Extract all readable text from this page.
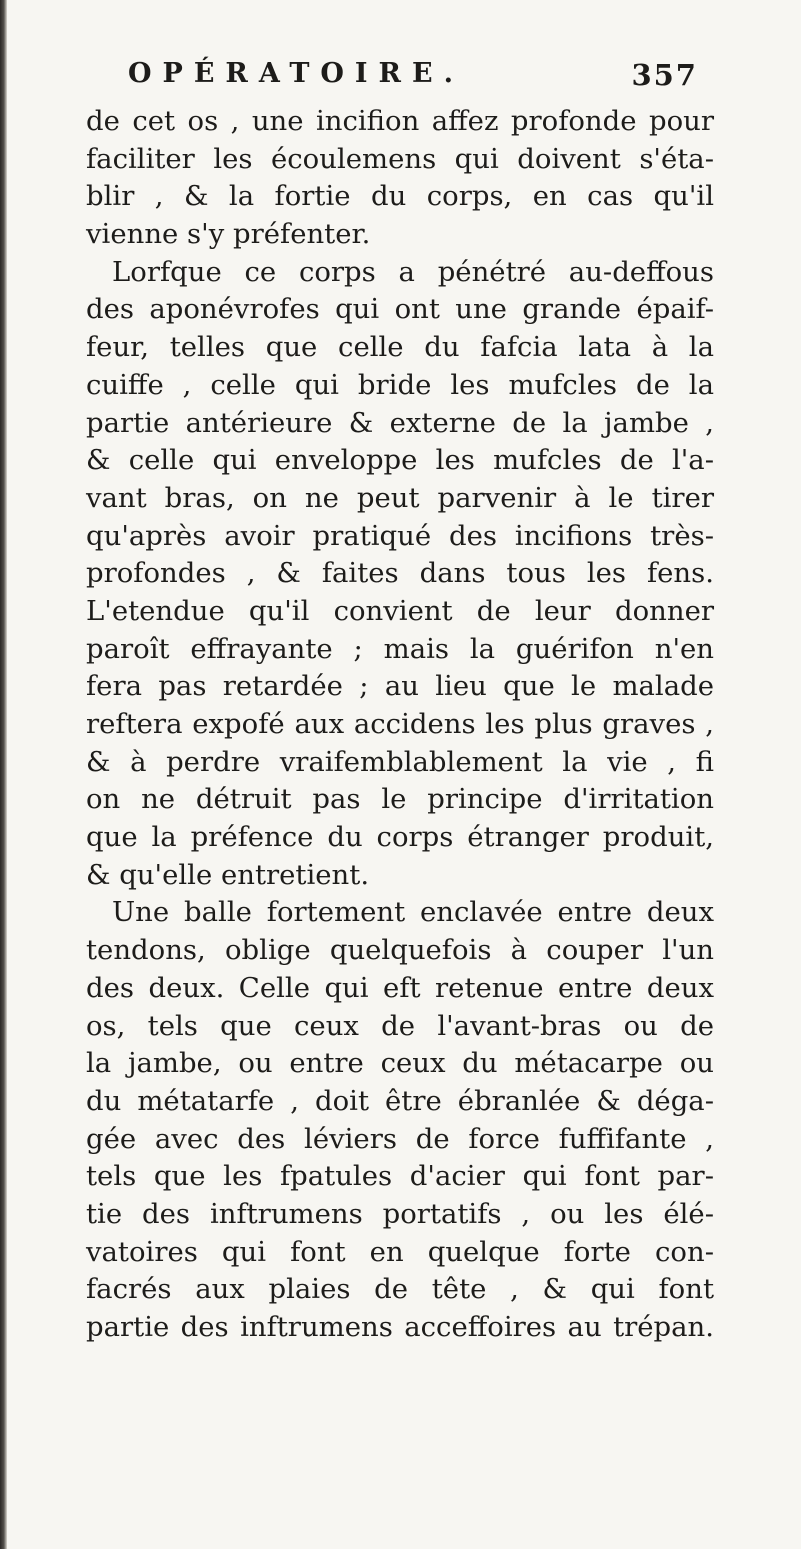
OPÉRATOIRE.	357
de cet os , une incifion affez profonde pour
faciliter les écoulemens qui doivent s'éta-
blir , & la fortie du corps, en cas qu'il
vienne s'y préfenter.
Lorfque ce corps a pénétré au-deffous
des aponévrofes qui ont une grande épaif-
feur, telles que celle du fafcia lata à la
cuiffe , celle qui bride les mufcles de la
partie antérieure & externe de la jambe ,
& celle qui enveloppe les mufcles de l'a-
vant bras, on ne peut parvenir à le tirer
qu'après avoir pratiqué des incifions très-
profondes , & faites dans tous les fens.
L'etendue qu'il convient de leur donner
paroît effrayante ; mais la guérifon n'en
fera pas retardée ; au lieu que le malade
reftera expofé aux accidens les plus graves ,
& à perdre vraifemblablement la vie , fi
on ne détruit pas le principe d'irritation
que la préfence du corps étranger produit,
& qu'elle entretient.
Une balle fortement enclavée entre deux
tendons, oblige quelquefois à couper l'un
des deux. Celle qui eft retenue entre deux
os, tels que ceux de l'avant-bras ou de
la jambe, ou entre ceux du métacarpe ou
du métatarfe , doit être ébranlée & déga-
gée avec des léviers de force fuffifante ,
tels que les fpatules d'acier qui font par-
tie des inftrumens portatifs , ou les élé-
vatoires qui font en quelque forte con-
facrés aux plaies de tête , & qui font
partie des inftrumens acceffoires au trépan.
